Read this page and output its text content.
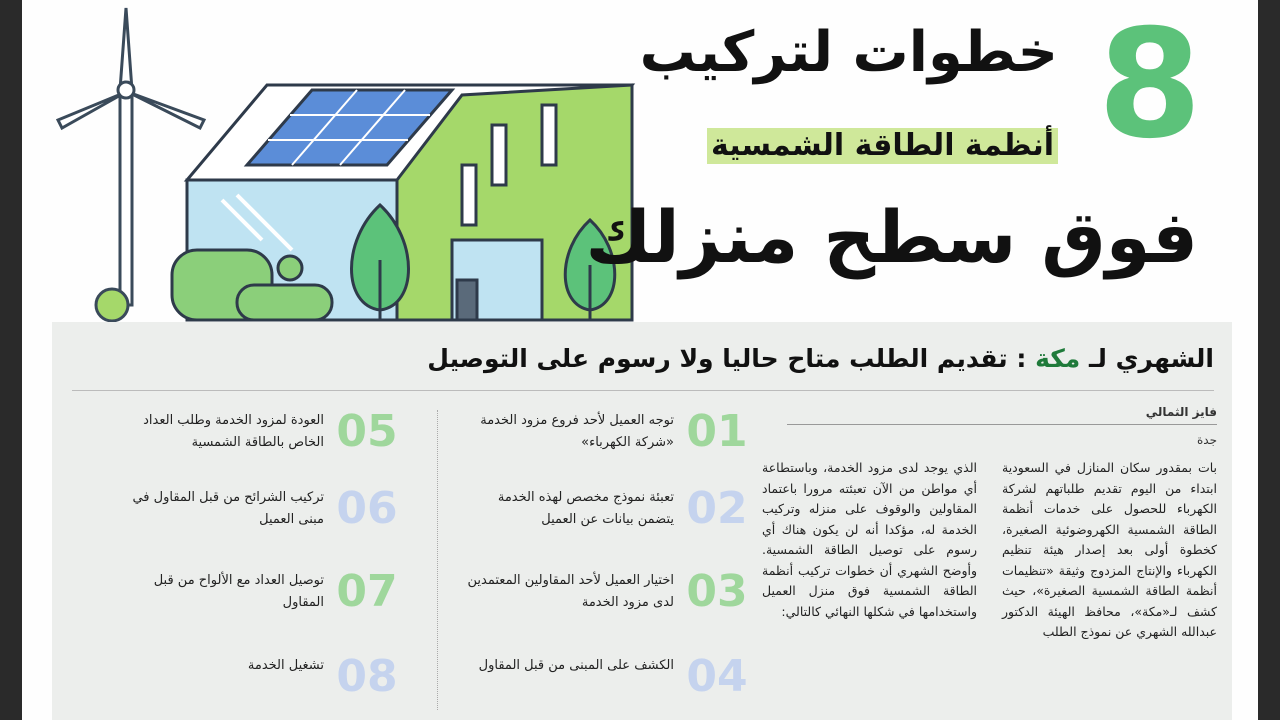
8
خطوات لتركيب
أنظمة الطاقة الشمسية
فوق سطح منزلك
الشهري لـ مكة : تقديم الطلب متاح حاليا ولا رسوم على التوصيل
فايز الثمالي
جدة
بات بمقدور سكان المنازل في السعودية ابتداء من اليوم تقديم طلباتهم لشركة الكهرباء للحصول على خدمات أنظمة الطاقة الشمسية الكهروضوئية الصغيرة، كخطوة أولى بعد إصدار هيئة تنظيم الكهرباء والإنتاج المزدوج وثيقة «تنظيمات أنظمة الطاقة الشمسية الصغيرة»، حيث كشف لـ«مكة»، محافظ الهيئة الدكتور عبدالله الشهري عن نموذج الطلب
الذي يوجد لدى مزود الخدمة، وباستطاعة أي مواطن من الآن تعبئته مرورا باعتماد المقاولين والوقوف على منزله وتركيب الخدمة له، مؤكدا أنه لن يكون هناك أي رسوم على توصيل الطاقة الشمسية. وأوضح الشهري أن خطوات تركيب أنظمة الطاقة الشمسية فوق منزل العميل واستخدامها في شكلها النهائي كالتالي:
01
توجه العميل لأحد فروع مزود الخدمة «شركة الكهرباء»
02
تعبئة نموذج مخصص لهذه الخدمة يتضمن بيانات عن العميل
03
اختيار العميل لأحد المقاولين المعتمدين لدى مزود الخدمة
04
الكشف على المبنى من قبل المقاول
05
العودة لمزود الخدمة وطلب العداد الخاص بالطاقة الشمسية
06
تركيب الشرائح من قبل المقاول في مبنى العميل
07
توصيل العداد مع الألواح من قبل المقاول
08
تشغيل الخدمة
